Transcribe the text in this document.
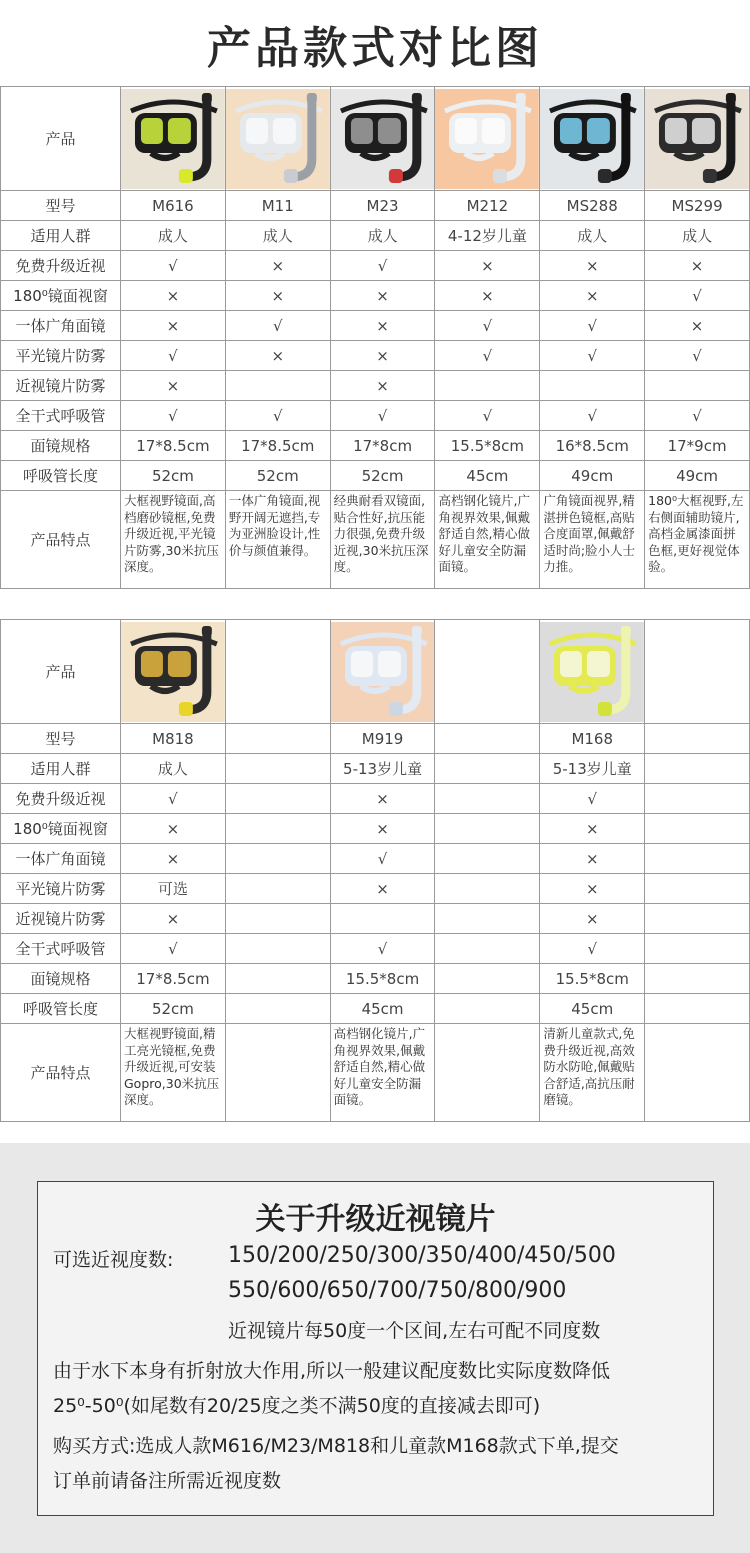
产品款式对比图
产品	

型号	M616	M11	M23	M212	MS288	MS299
适用人群	成人	成人	成人	4-12岁儿童	成人	成人
免费升级近视	√	×	√	×	×	×
180⁰镜面视窗	×	×	×	×	×	√
一体广角面镜	×	√	×	√	√	×
平光镜片防雾	√	×	×	√	√	√
近视镜片防雾	×		×			
全干式呼吸管	√	√	√	√	√	√
面镜规格	17*8.5cm	17*8.5cm	17*8cm	15.5*8cm	16*8.5cm	17*9cm
呼吸管长度	52cm	52cm	52cm	45cm	49cm	49cm
产品特点	大框视野镜面,高档磨砂镜框,免费升级近视,平光镜片防雾,30米抗压深度。	一体广角镜面,视野开阔无遮挡,专为亚洲脸设计,性价与颜值兼得。	经典耐看双镜面,贴合性好,抗压能力很强,免费升级近视,30米抗压深度。	高档钢化镜片,广角视界效果,佩戴舒适自然,精心做好儿童安全防漏面镜。	广角镜面视界,精湛拼色镜框,高贴合度面罩,佩戴舒适时尚;脸小人士力推。	180⁰大框视野,左右侧面辅助镜片,高档金属漆面拼色框,更好视觉体验。
产品	

型号	M818		M919		M168	
适用人群	成人		5-13岁儿童		5-13岁儿童	
免费升级近视	√		×		√	
180⁰镜面视窗	×		×		×	
一体广角面镜	×		√		×	
平光镜片防雾	可选		×		×	
近视镜片防雾	×				×	
全干式呼吸管	√		√		√	
面镜规格	17*8.5cm		15.5*8cm		15.5*8cm	
呼吸管长度	52cm		45cm		45cm	
产品特点	大框视野镜面,精工亮光镜框,免费升级近视,可安装Gopro,30米抗压深度。		高档钢化镜片,广角视界效果,佩戴舒适自然,精心做好儿童安全防漏面镜。		清新儿童款式,免费升级近视,高效防水防呛,佩戴贴合舒适,高抗压耐磨镜。	
关于升级近视镜片
可选近视度数: 150/200/250/300/350/400/450/500
550/600/650/700/750/800/900
近视镜片每50度一个区间,左右可配不同度数
由于水下本身有折射放大作用,所以一般建议配度数比实际度数降低
25⁰-50⁰(如尾数有20/25度之类不满50度的直接减去即可)
购买方式:选成人款M616/M23/M818和儿童款M168款式下单,提交
订单前请备注所需近视度数
